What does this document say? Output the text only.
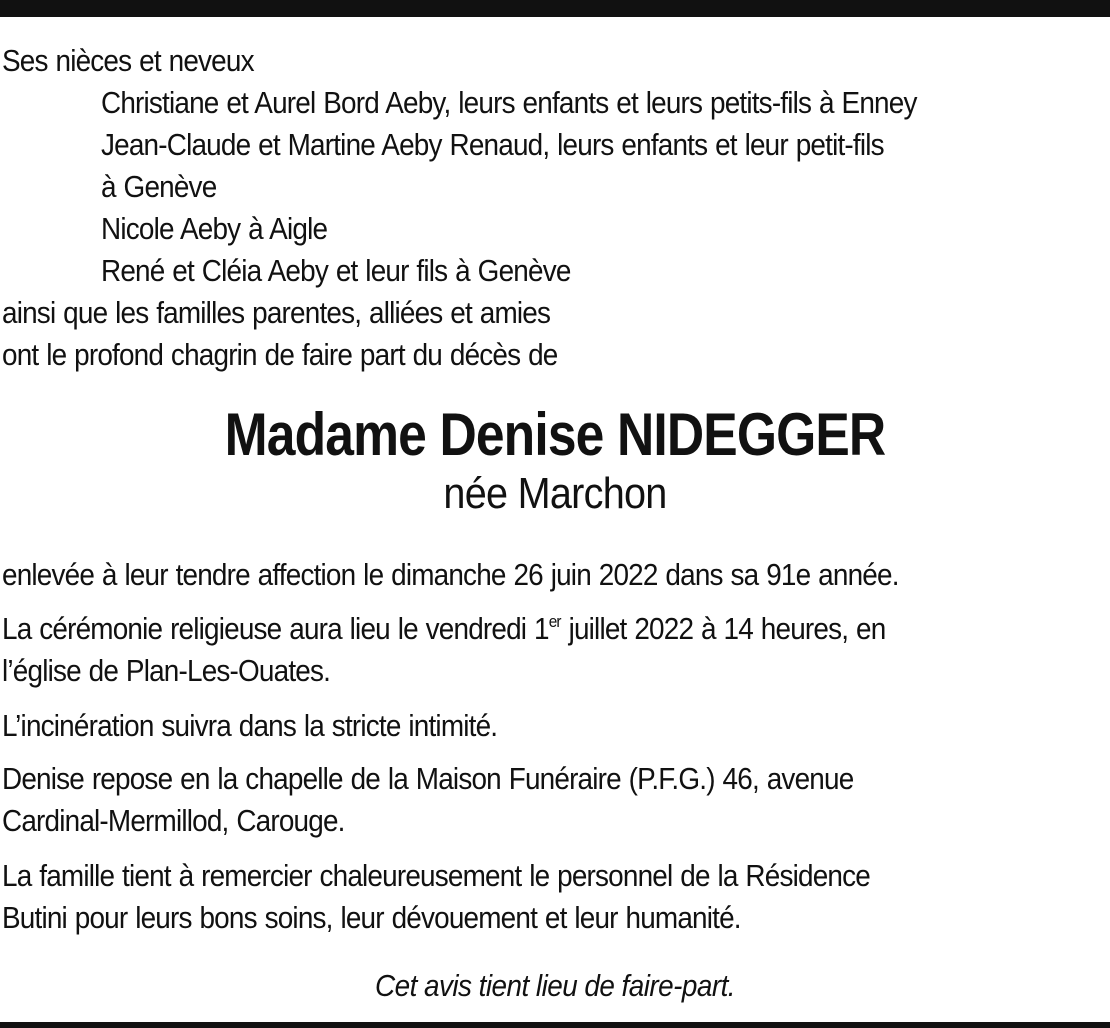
Ses nièces et neveux
Christiane et Aurel Bord Aeby, leurs enfants et leurs petits-fils à Enney
Jean-Claude et Martine Aeby Renaud, leurs enfants et leur petit-fils
à Genève
Nicole Aeby à Aigle
René et Cléia Aeby et leur fils à Genève
ainsi que les familles parentes, alliées et amies
ont le profond chagrin de faire part du décès de
Madame Denise NIDEGGER
née Marchon
enlevée à leur tendre affection le dimanche 26 juin 2022 dans sa 91e année.
La cérémonie religieuse aura lieu le vendredi 1er juillet 2022 à 14 heures, en
l’église de Plan-Les-Ouates.
L’incinération suivra dans la stricte intimité.
Denise repose en la chapelle de la Maison Funéraire (P.F.G.) 46, avenue
Cardinal-Mermillod, Carouge.
La famille tient à remercier chaleureusement le personnel de la Résidence
Butini pour leurs bons soins, leur dévouement et leur humanité.
Cet avis tient lieu de faire-part.
